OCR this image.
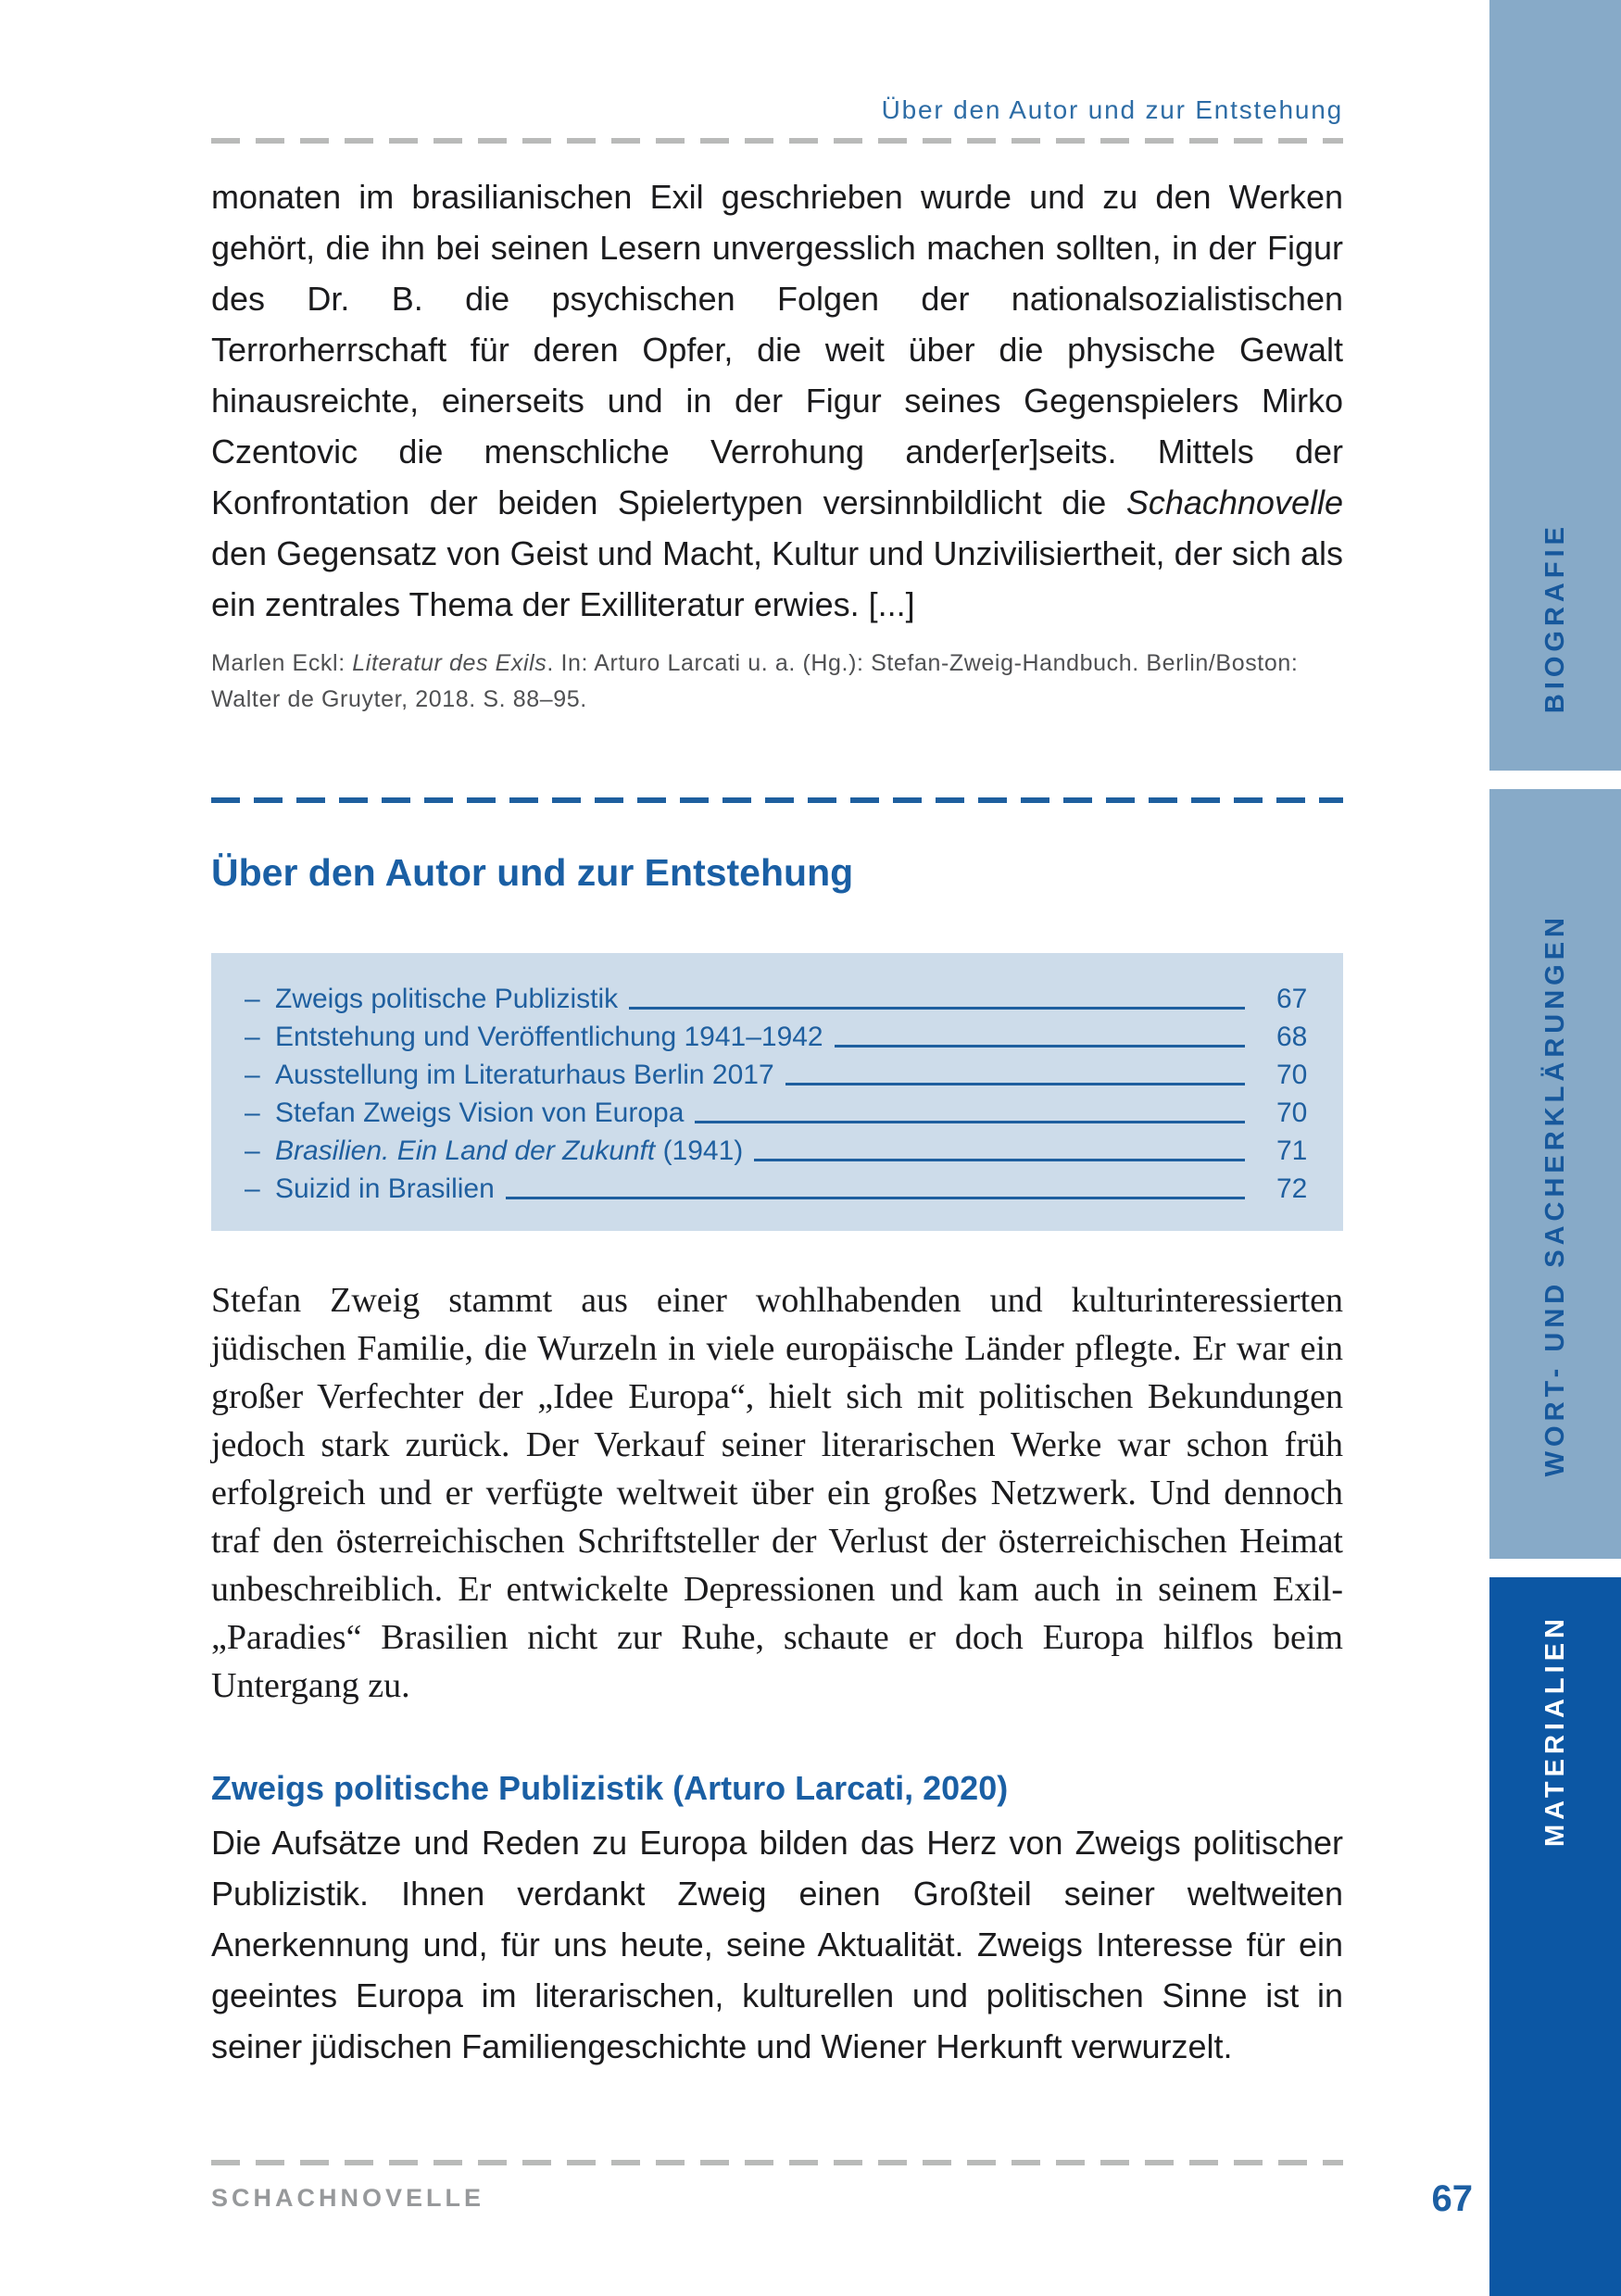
Über den Autor und zur Entstehung

monaten im brasilianischen Exil geschrieben wurde und zu den Werken gehört, die ihn bei seinen Lesern unvergesslich machen sollten, in der Figur des Dr. B. die psychischen Folgen der nationalsozialistischen Terrorherrschaft für deren Opfer, die weit über die physische Gewalt hinausreichte, einerseits und in der Figur seines Gegenspielers Mirko Czentovic die menschliche Verrohung ander[er]seits. Mittels der Konfrontation der beiden Spielertypen versinnbildlicht die Schachnovelle den Gegensatz von Geist und Macht, Kultur und Unzivilisiertheit, der sich als ein zentrales Thema der Exilliteratur erwies. [...]

Marlen Eckl: Literatur des Exils. In: Arturo Larcati u. a. (Hg.): Stefan-Zweig-Handbuch. Berlin/Boston: Walter de Gruyter, 2018. S. 88–95.

Über den Autor und zur Entstehung
– Zweigs politische Publizistik	67
– Entstehung und Veröffentlichung 1941–1942	68
– Ausstellung im Literaturhaus Berlin 2017	70
– Stefan Zweigs Vision von Europa	70
– Brasilien. Ein Land der Zukunft (1941)	71
– Suizid in Brasilien	72

Stefan Zweig stammt aus einer wohlhabenden und kulturinteressierten jüdischen Familie, die Wurzeln in viele europäische Länder pflegte. Er war ein großer Verfechter der „Idee Europa“, hielt sich mit politischen Bekundungen jedoch stark zurück. Der Verkauf seiner literarischen Werke war schon früh erfolgreich und er verfügte weltweit über ein großes Netzwerk. Und dennoch traf den österreichischen Schriftsteller der Verlust der österreichischen Heimat unbeschreiblich. Er entwickelte Depressionen und kam auch in seinem Exil-„Paradies“ Brasilien nicht zur Ruhe, schaute er doch Europa hilflos beim Untergang zu.

Zweigs politische Publizistik (Arturo Larcati, 2020)

Die Aufsätze und Reden zu Europa bilden das Herz von Zweigs politischer Publizistik. Ihnen verdankt Zweig einen Großteil seiner weltweiten Anerkennung und, für uns heute, seine Aktualität. Zweigs Interesse für ein geeintes Europa im literarischen, kulturellen und politischen Sinne ist in seiner jüdischen Familiengeschichte und Wiener Herkunft verwurzelt.

SCHACHNOVELLE	67
BIOGRAFIE
WORT- UND SACHERKLÄRUNGEN
MATERIALIEN
